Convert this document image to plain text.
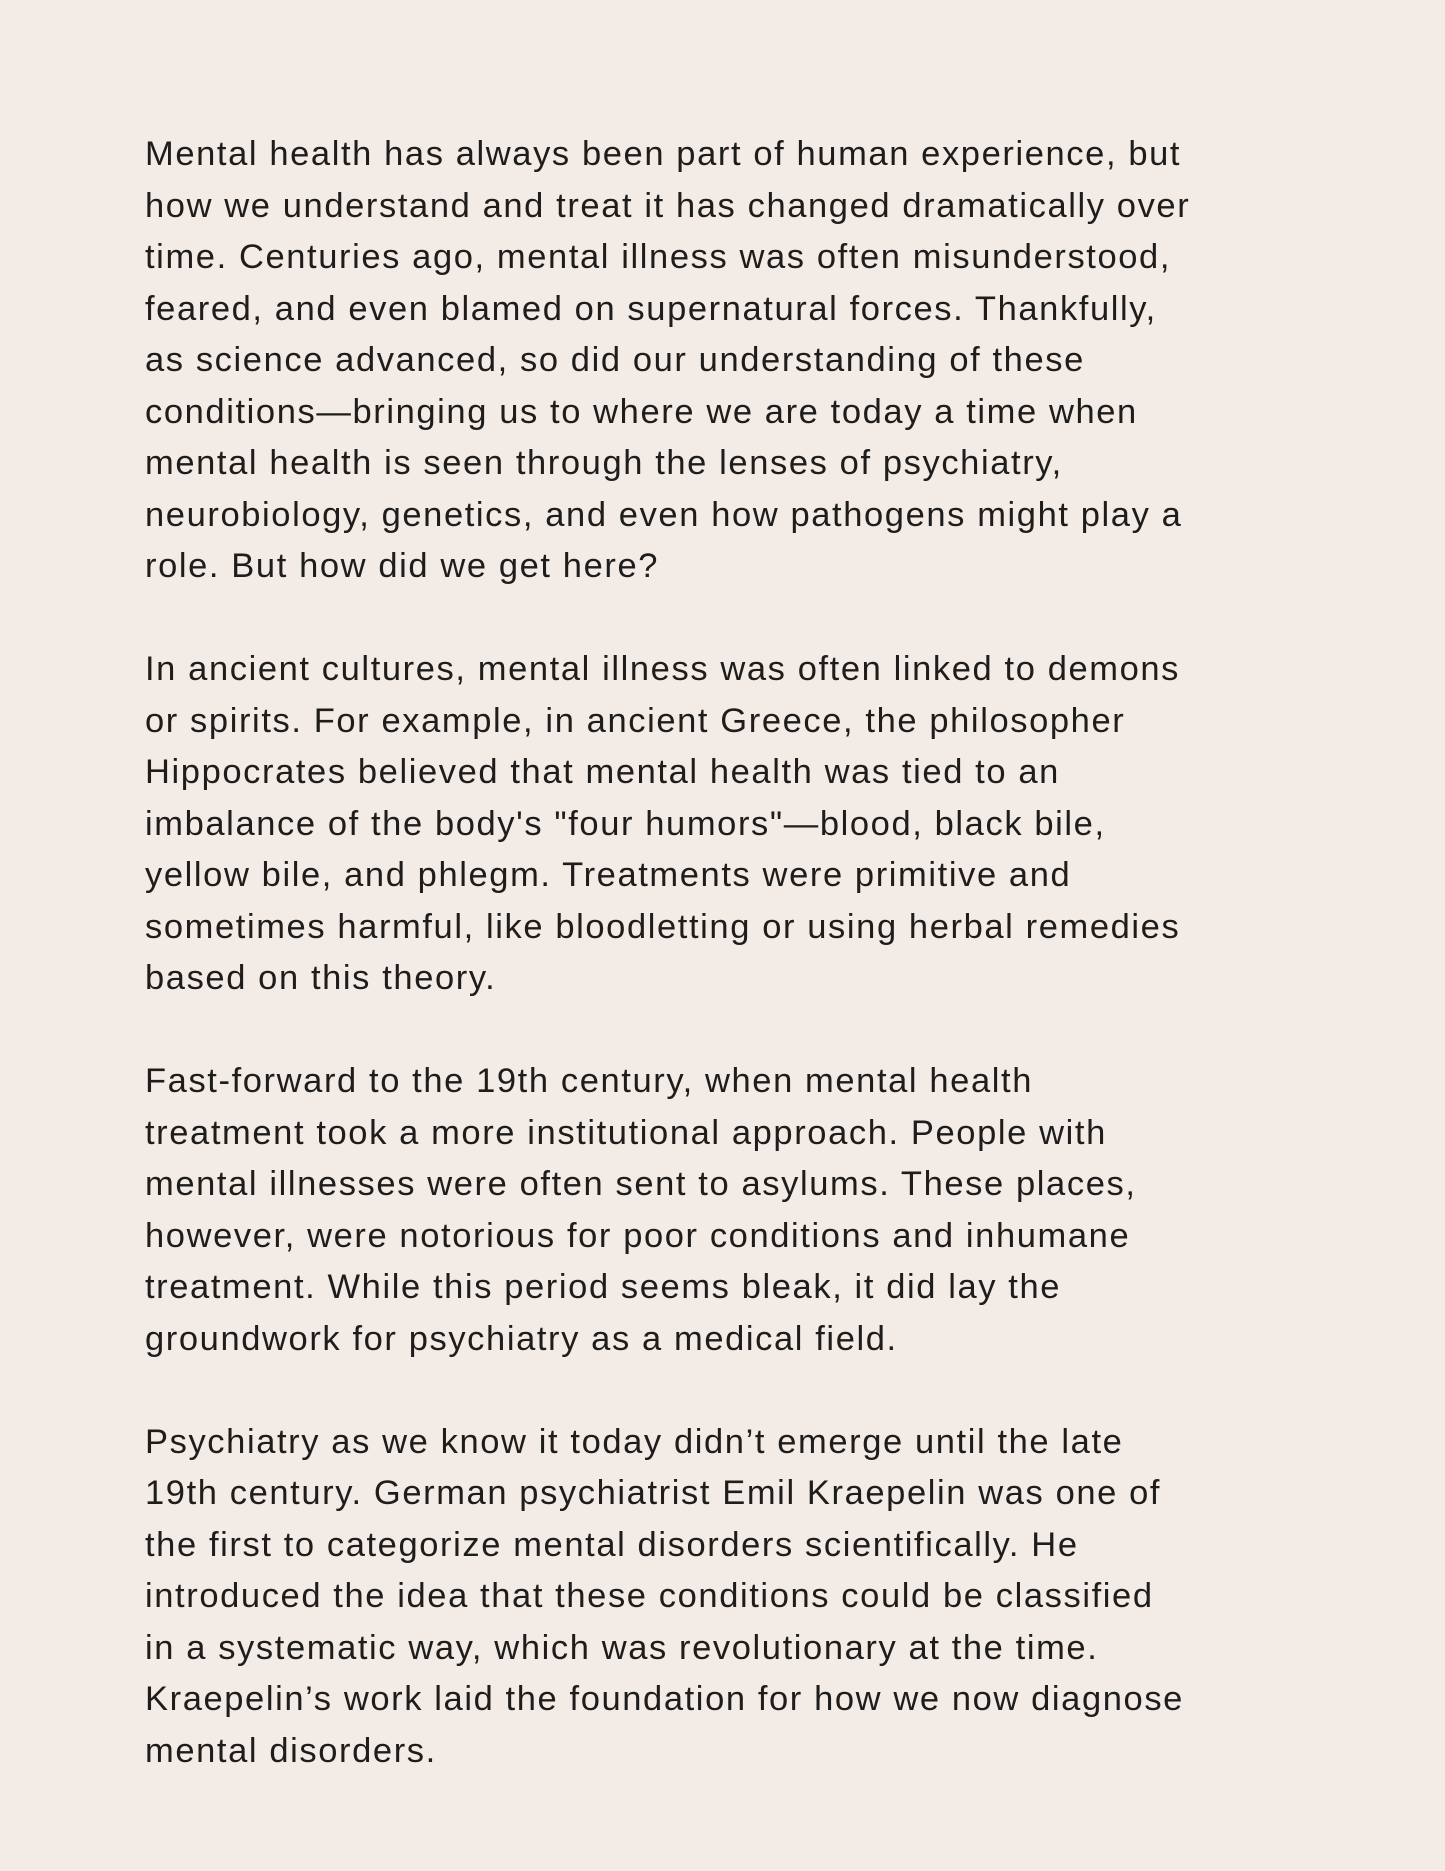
Mental health has always been part of human experience, but
how we understand and treat it has changed dramatically over
time. Centuries ago, mental illness was often misunderstood,
feared, and even blamed on supernatural forces. Thankfully,
as science advanced, so did our understanding of these
conditions—bringing us to where we are today a time when
mental health is seen through the lenses of psychiatry,
neurobiology, genetics, and even how pathogens might play a
role. But how did we get here?

In ancient cultures, mental illness was often linked to demons
or spirits. For example, in ancient Greece, the philosopher
Hippocrates believed that mental health was tied to an
imbalance of the body's "four humors"—blood, black bile,
yellow bile, and phlegm. Treatments were primitive and
sometimes harmful, like bloodletting or using herbal remedies
based on this theory.

Fast-forward to the 19th century, when mental health
treatment took a more institutional approach. People with
mental illnesses were often sent to asylums. These places,
however, were notorious for poor conditions and inhumane
treatment. While this period seems bleak, it did lay the
groundwork for psychiatry as a medical field.

Psychiatry as we know it today didn’t emerge until the late
19th century. German psychiatrist Emil Kraepelin was one of
the first to categorize mental disorders scientifically. He
introduced the idea that these conditions could be classified
in a systematic way, which was revolutionary at the time.
Kraepelin’s work laid the foundation for how we now diagnose
mental disorders.
